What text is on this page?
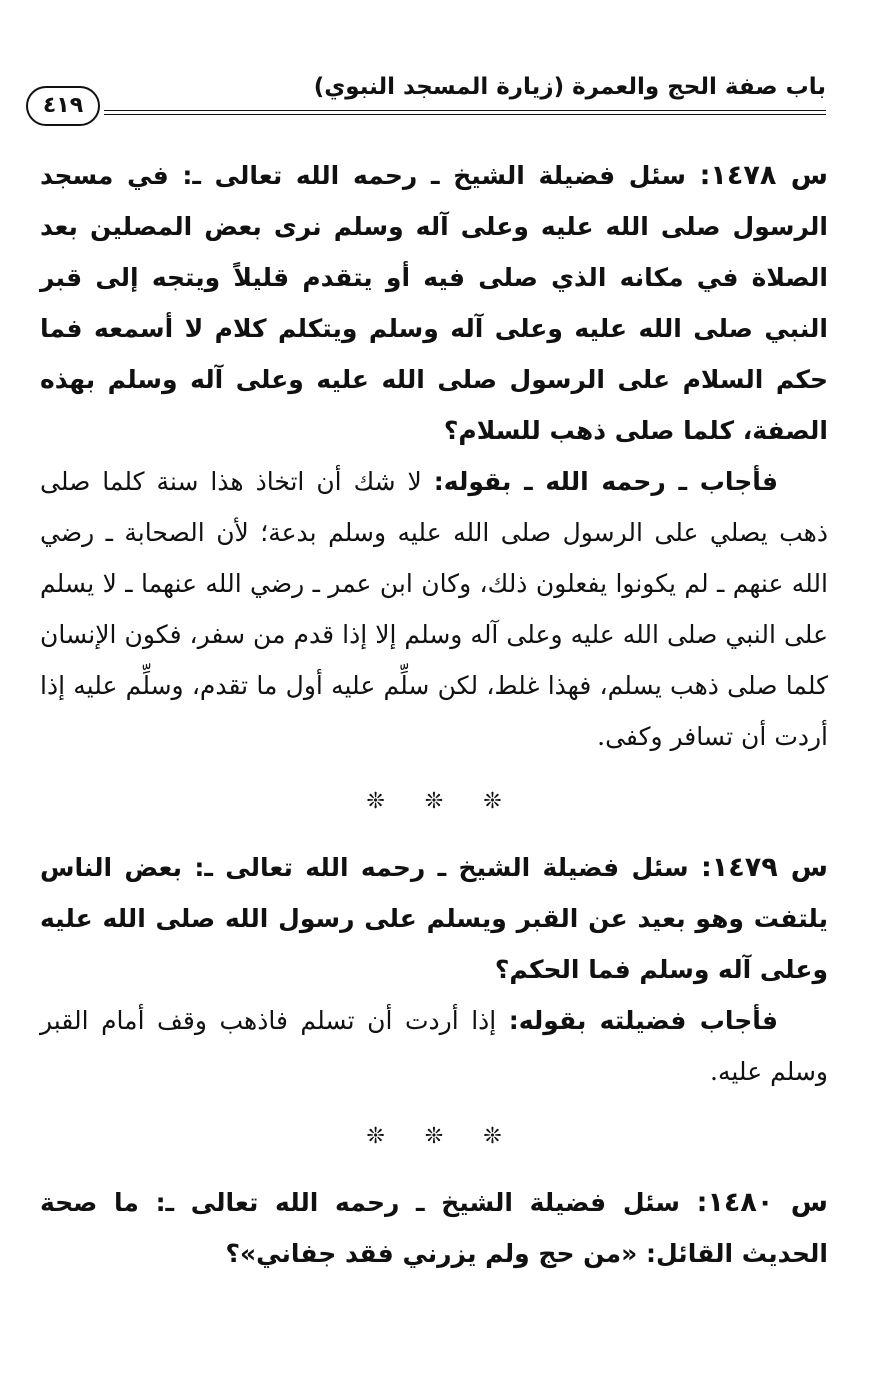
باب صفة الحج والعمرة (زيارة المسجد النبوي)
٤١٩

س ١٤٧٨: سئل فضيلة الشيخ ـ رحمه الله تعالى ـ: في مسجد الرسول صلى الله عليه وعلى آله وسلم نرى بعض المصلين بعد الصلاة في مكانه الذي صلى فيه أو يتقدم قليلاً ويتجه إلى قبر النبي صلى الله عليه وعلى آله وسلم ويتكلم كلام لا أسمعه فما حكم السلام على الرسول صلى الله عليه وعلى آله وسلم بهذه الصفة، كلما صلى ذهب للسلام؟

فأجاب ـ رحمه الله ـ بقوله: لا شك أن اتخاذ هذا سنة كلما صلى ذهب يصلي على الرسول صلى الله عليه وسلم بدعة؛ لأن الصحابة ـ رضي الله عنهم ـ لم يكونوا يفعلون ذلك، وكان ابن عمر ـ رضي الله عنهما ـ لا يسلم على النبي صلى الله عليه وعلى آله وسلم إلا إذا قدم من سفر، فكون الإنسان كلما صلى ذهب يسلم، فهذا غلط، لكن سلِّم عليه أول ما تقدم، وسلِّم عليه إذا أردت أن تسافر وكفى.

❊
❊
❊

س ١٤٧٩: سئل فضيلة الشيخ ـ رحمه الله تعالى ـ: بعض الناس يلتفت وهو بعيد عن القبر ويسلم على رسول الله صلى الله عليه وعلى آله وسلم فما الحكم؟

فأجاب فضيلته بقوله: إذا أردت أن تسلم فاذهب وقف أمام القبر وسلم عليه.

❊
❊
❊

س ١٤٨٠: سئل فضيلة الشيخ ـ رحمه الله تعالى ـ: ما صحة الحديث القائل: «من حج ولم يزرني فقد جفاني»؟
